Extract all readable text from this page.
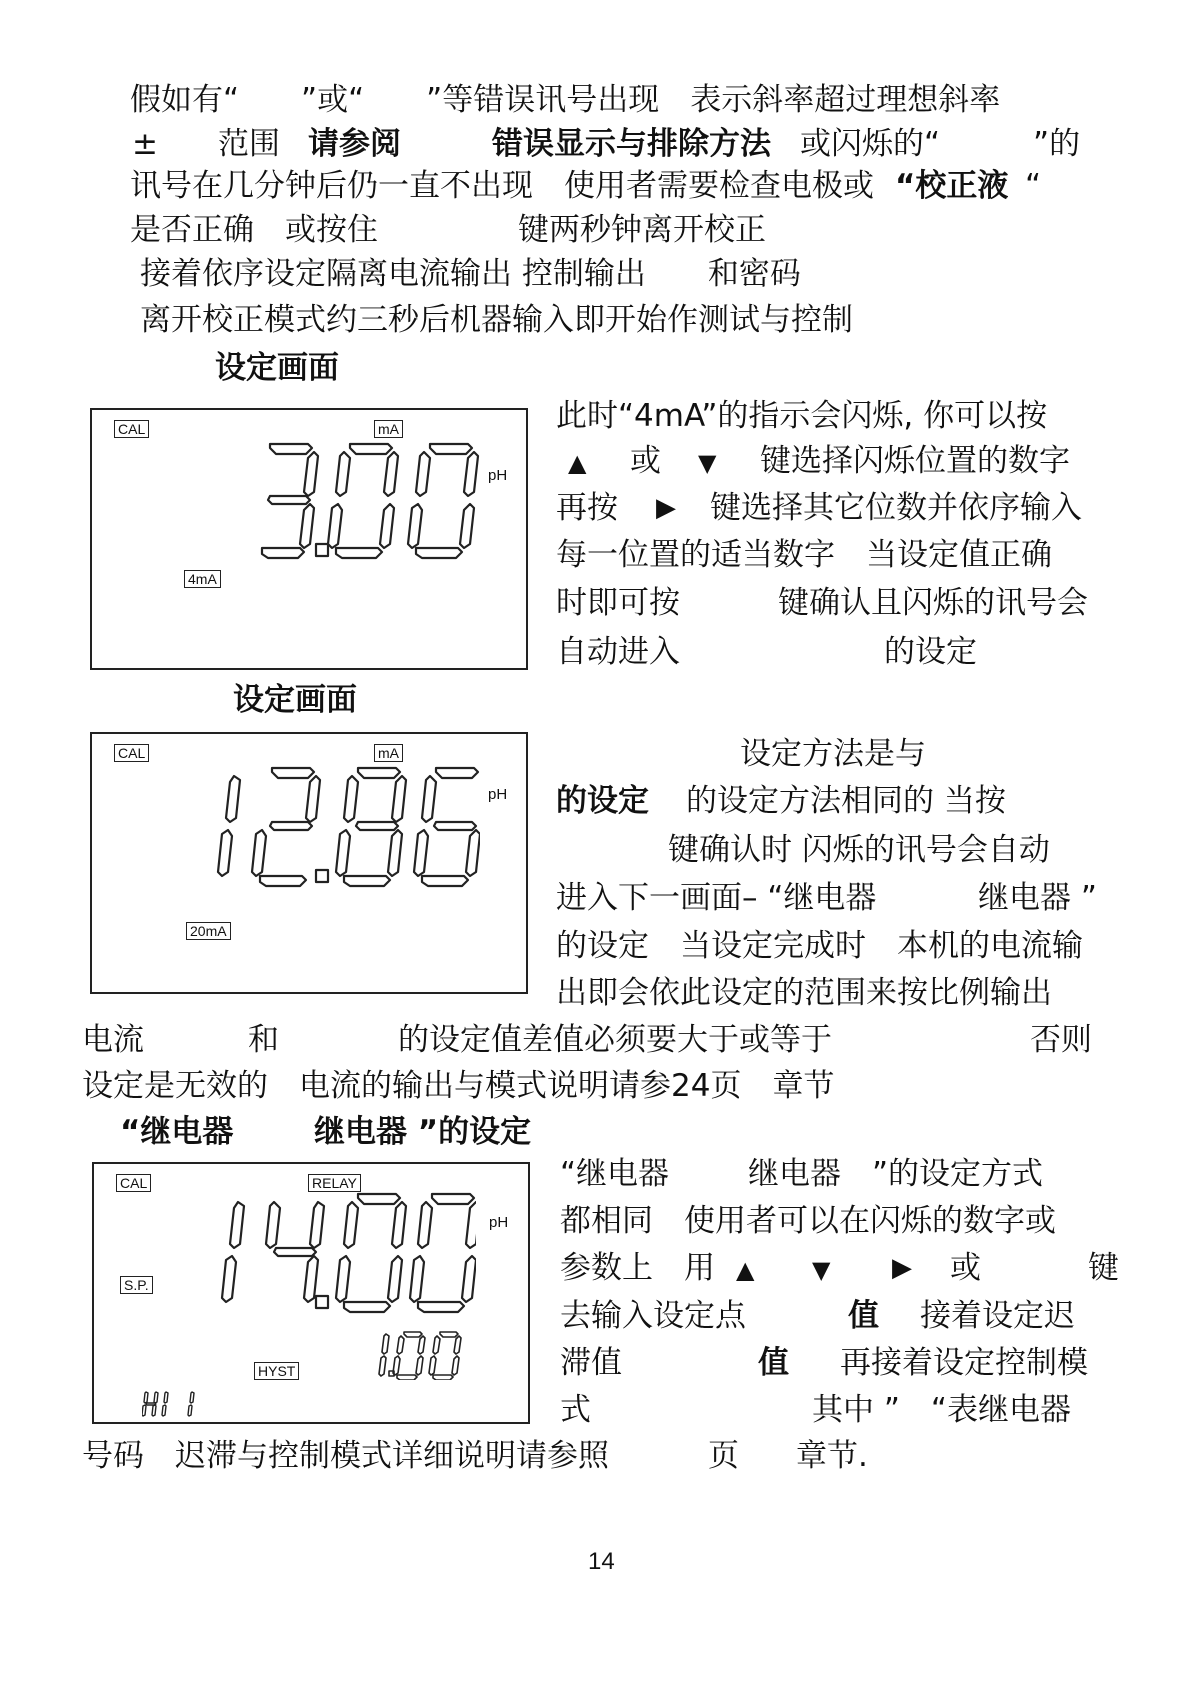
假如有“　　”或“　　”等错误讯号出现　表示斜率超过理想斜率
± 范围 请参阅	错误显示与排除方法 或闪烁的“　　　”的
讯号在几分钟后仍一直不出现　使用者需要检查电极或 “校正液 “
是否正确　或按住	键两秒钟离开校正
接着依序设定隔离电流输出 控制输出　　和密码
离开校正模式约三秒后机器输入即开始作测试与控制
设定画面
CAL	mA
pH
4mA
此时“4mA”的指示会闪烁, 你可以按
▲ 或 ▼ 键选择闪烁位置的数字
再按 ▶ 键选择其它位数并依序输入
每一位置的适当数字　当设定值正确
时即可按	键确认且闪烁的讯号会
自动进入	的设定
设定画面
CAL	mA
pH
20mA
设定方法是与
的设定 的设定方法相同的 当按
键确认时 闪烁的讯号会自动
进入下一画面– “继电器	继电器 ”
的设定　当设定完成时　本机的电流输
出即会依此设定的范围来按比例输出
电流	和	的设定值差值必须要大于或等于	否则
设定是无效的　电流的输出与模式说明请参24页　章节
“继电器	继电器 ”的设定
CAL	RELAY
pH
S.P.
HYST
“继电器	继电器　”的设定方式
都相同　使用者可以在闪烁的数字或
参数上　用 ▲ ▼ ▶ 或	键
去输入设定点	值 接着设定迟
滞值	值 再接着设定控制模
式	其中 ”　“表继电器
号码　迟滞与控制模式详细说明请参照	页 章节.
14
